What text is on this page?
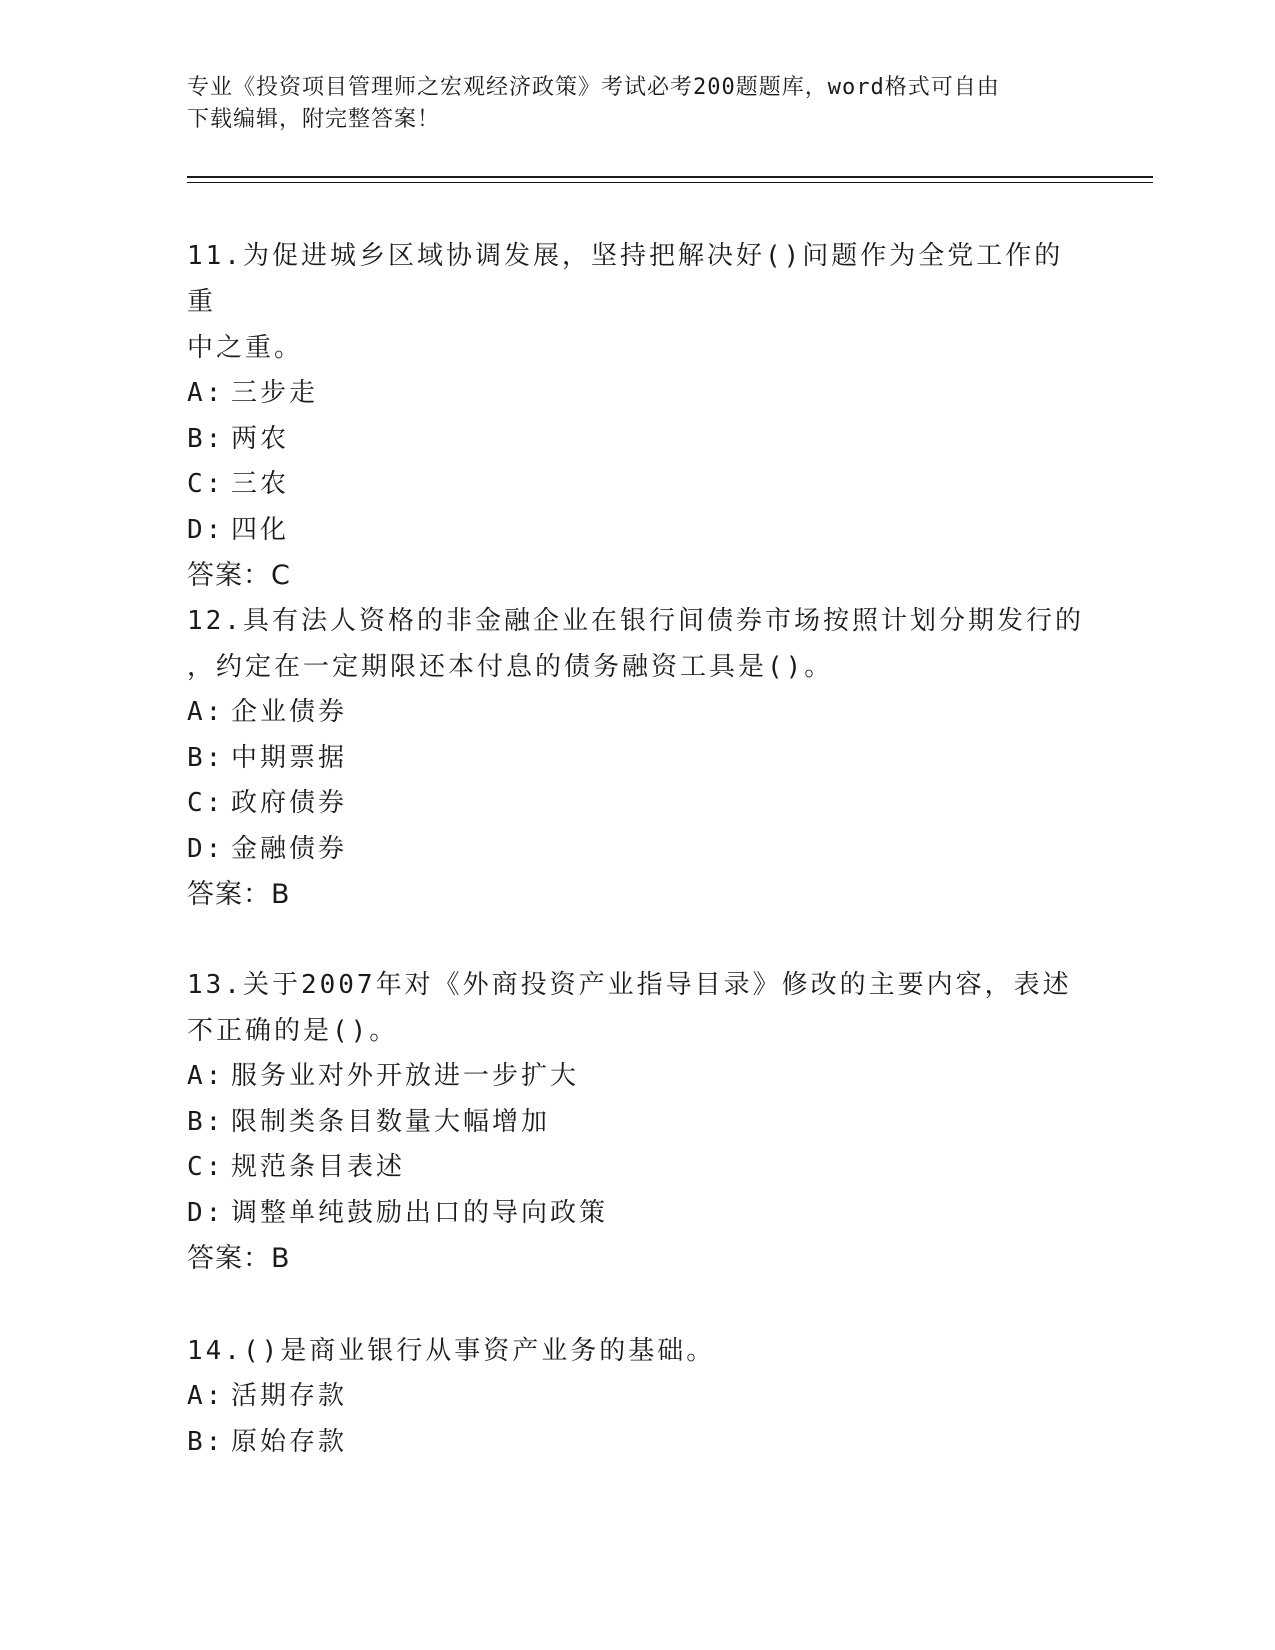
专业《投资项目管理师之宏观经济政策》考试必考200题题库，word格式可自由
下载编辑，附完整答案！
11.为促进城乡区域协调发展，坚持把解决好()问题作为全党工作的重
中之重。
A: 三步走
B: 两农
C: 三农
D: 四化
答案：C
12.具有法人资格的非金融企业在银行间债券市场按照计划分期发行的
，约定在一定期限还本付息的债务融资工具是()。
A: 企业债券
B: 中期票据
C: 政府债券
D: 金融债券
答案：B
13.关于2007年对《外商投资产业指导目录》修改的主要内容，表述
不正确的是()。
A: 服务业对外开放进一步扩大
B: 限制类条目数量大幅增加
C: 规范条目表述
D: 调整单纯鼓励出口的导向政策
答案：B
14.()是商业银行从事资产业务的基础。
A: 活期存款
B: 原始存款
